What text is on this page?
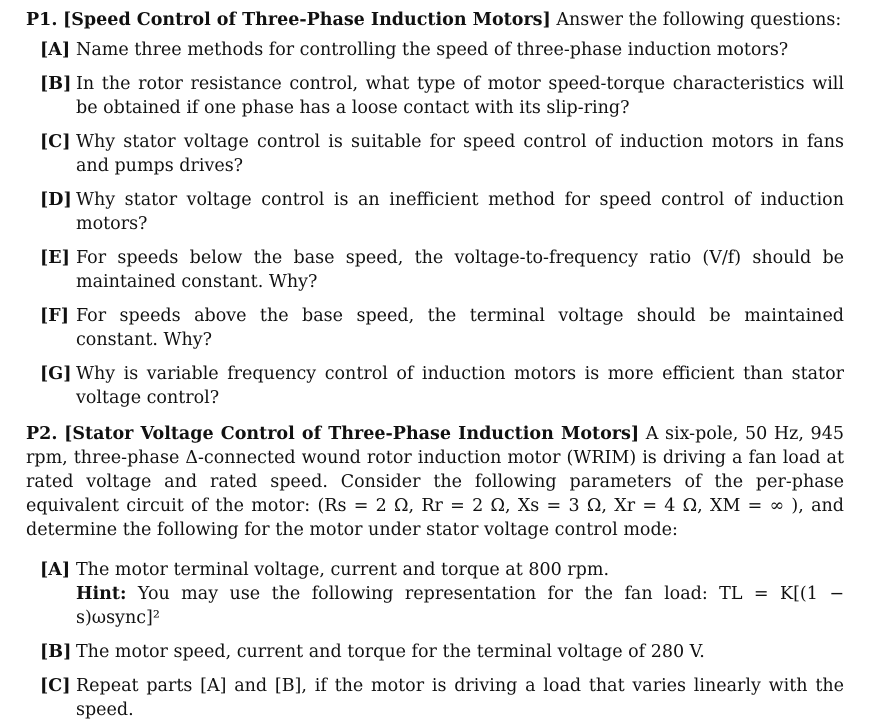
P1. [Speed Control of Three-Phase Induction Motors] Answer the following questions:

[A] Name three methods for controlling the speed of three-phase induction motors?
[B] In the rotor resistance control, what type of motor speed-torque characteristics will be obtained if one phase has a loose contact with its slip-ring?
[C] Why stator voltage control is suitable for speed control of induction motors in fans and pumps drives?
[D] Why stator voltage control is an inefficient method for speed control of induction motors?
[E] For speeds below the base speed, the voltage-to-frequency ratio (V/f) should be maintained constant. Why?
[F] For speeds above the base speed, the terminal voltage should be maintained constant. Why?
[G] Why is variable frequency control of induction motors is more efficient than stator voltage control?

P2. [Stator Voltage Control of Three-Phase Induction Motors] A six-pole, 50 Hz, 945 rpm, three-phase Δ-connected wound rotor induction motor (WRIM) is driving a fan load at rated voltage and rated speed. Consider the following parameters of the per-phase equivalent circuit of the motor: (Rs = 2 Ω, Rr = 2 Ω, Xs = 3 Ω, Xr = 4 Ω, XM = ∞ ), and determine the following for the motor under stator voltage control mode:

[A] The motor terminal voltage, current and torque at 800 rpm.
Hint: You may use the following representation for the fan load: TL = K[(1 − s)ωsync]²
[B] The motor speed, current and torque for the terminal voltage of 280 V.
[C] Repeat parts [A] and [B], if the motor is driving a load that varies linearly with the speed.
